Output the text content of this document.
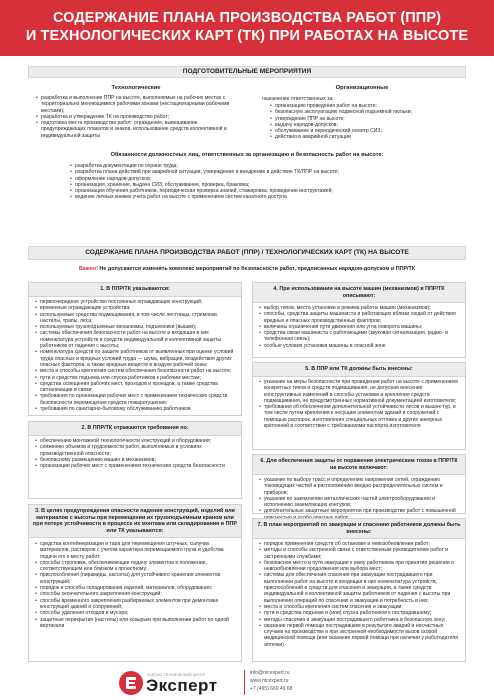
СОДЕРЖАНИЕ ПЛАНА ПРОИЗВОДСТВА РАБОТ (ППР)
И ТЕХНОЛОГИЧЕСКИХ КАРТ (ТК) ПРИ РАБОТАХ НА ВЫСОТЕ
ПОДГОТОВИТЕЛЬНЫЕ МЕРОПРИЯТИЯ
Технологические
• разработка и выполнение ППР на высоте, выполняемых на рабочих местах с территориально меняющимися рабочими зонами (нестационарными рабочими местами);
• разработка и утверждение ТК на производство работ;
• подготовка места производства работ: ограждение, вывешивание предупреждающих плакатов и знаков, использование средств коллективной и индивидуальной защиты
Организационные
назначение ответственных за:
• организацию проведения работ на высоте;
• безопасную эксплуатацию подвесной подъемной люльки;
• утверждение ППР на высоте;
• выдачу нарядов-допусков;
• обслуживание и периодический осмотр СИЗ;
• действия в аварийной ситуации
Обязанности должностных лиц, ответственных за организацию и безопасность работ на высоте:
• разработка документации по охране труда;
• разработка плана действий при аварийной ситуации, утверждение и внедрение в действие ТК/ППР на высоте;
• оформление нарядов-допусков;
• организация, хранение, выдача СИЗ, обслуживание, проверка, браковка;
• организация обучения работников, периодическая проверка знаний, стажировка, проведение инструктажей;
• ведение личных книжек учета работ на высоте с применением систем канатного доступа
СОДЕРЖАНИЕ ПЛАНА ПРОИЗВОДСТВА РАБОТ (ППР) / ТЕХНОЛОГИЧЕСКИХ КАРТ (ТК) НА ВЫСОТЕ
Важно! Не допускается изменять комплекс мероприятий по безопасности работ, предписанных нарядом-допуском и ППР/ТК
1. В ППР/ТК указываются:
• первоочередное устройство постоянных ограждающих конструкций;
• временные ограждающие устройства;
• используемые средства подмащивания, в том числе лестницы, стремянки, настилы, трапы, леса;
• используемые грузоподъемные механизмы, подъемники (вышки);
• системы обеспечения безопасности работ на высоте и входящая в них номенклатура устройств и средств индивидуальной и коллективной защиты работников от падения с высоты;
• номенклатура средств по защите работников от выявленных при оценке условий труда опасных и вредных условий труда — шума, вибрации, воздействия других опасных факторов, а также вредных веществ в воздухе рабочей зоны;
• места и способы крепления систем обеспечения безопасности работ на высоте;
• пути и средства подъема или спуска работников к рабочим местам;
• средства освещения рабочих мест, проходов и проездов, а также средства сигнализации и связи;
• требования по организации рабочих мест с применением технических средств безопасности перемещения средств пожаротушения;
• требования по санитарно-бытовому обслуживанию работников
2. В ППР/ТК отражаются требования по:
• обеспечению монтажной технологичности конструкций и оборудования;
• снижению объемов и трудоемкости работ, выполняемых в условиях производственной опасности;
• безопасному размещению машин и механизмов;
• организации рабочих мест с применением технических средств безопасности
3. В целях предупреждения опасности падения конструкций, изделий или материалов с высоты при перемещении их грузоподъемным краном или при потере устойчивости в процессе их монтажа или складирования в ППР или ТК указываются:
• средства контейнеризации и тара для перемещения штучных, сыпучих материалов, растворов с учетом характера перемещаемого груза и удобства подачи его к месту работ;
• способы строповки, обеспечивающие подачу элементов в положение, соответствующем или близком к проектному;
• приспособления (пирамиды, кассеты) для устойчивого хранения элементов конструкций;
• порядок и способы складирования изделий, материалов, оборудования;
• способы окончательного закрепления конструкций;
• способы временного закрепления разбираемых элементов при демонтаже конструкций зданий и сооружений;
• способы удаления отходов и мусора;
• защитные перекрытия (настилы) или козырьки при выполнении работ по одной вертикали
4. При использовании на высоте машин (механизмов) в ППР/ТК описывают:
• выбор типов, места установки и режима работы машин (механизмов);
• способы, средства защиты машиниста и работающих вблизи людей от действия вредных и опасных производственных факторов;
• величины ограничения пути движения или угла поворота машины;
• средства связи машиниста с работающими (звуковая сигнализация, радио- и телефонная связь);
• особые условия установки машины в опасной зоне
5. В ППР или ТК должны быть внесены:
• указание на меры безопасности при проведении работ на высоте с применением конкретных типов и средств подмащивания, не допуская внесение конструктивных изменений в способы установки и крепления средств подмащивания, не предусмотренных нормативной документацией изготовителя;
• требования об обеспечении дополнительной устойчивости лесов и вышек-тур, в том числе путем крепления к несущим элементам зданий и сооружений с помощью распорок, изготовления специальных оттяжек и других анкерных креплений в соответствии с требованиями паспорта изготовителя
6. Для обеспечения защиты от поражения электрическим током в ППР/ТК на высоте включают:
• указание по выбору трасс и определению напряжения сетей, ограждению токоведущих частей и расположению вводно-распределительных систем и приборов;
• указание по заземлению металлических частей электрооборудования и исполнению заземляющих контуров;
• дополнительные защитные мероприятия при производстве работ с повышенной
7. В план мероприятий по эвакуации и спасению работников должны быть внесены:
• порядок применения средств об остановке и невозобновлении работ;
• методы и способы экстренной связи с ответственным руководителем работ и экстренными службами;
• безопасное место и пути эвакуации к нему работников при принятии решения о невозобновлении продолжения или выбора мест;
• системы для обеспечения спасения при эвакуации пострадавшего при выполнении работ на высоте и входящая в них номенклатура устройств, приспособлений и средств для спасения и эвакуации, а также средств индивидуальной и коллективной защиты работников от падения с высоты при выполнении операций по спасению и эвакуации и потребность в них;
• места и способы крепления систем спасения и эвакуации;
• пути и средства подъема и (или) спуска работников к пострадавшему;
• методы спасения и эвакуации пострадавшего работника в безопасную зону;
• оказание первой помощи пострадавшим в результате аварий и несчастных случаев на производстве и при экстренной необходимости вызов скорой медицинской помощи (или оказание первой помощи при наличии у работодателя аптечки)
УЧЕБНО-ТЕХНИЧЕСКИЙ ЦЕНТР
Эксперт
info@ntcexpert.ru
www.ntcexpert.ru
+7 (495) 660 49 68
